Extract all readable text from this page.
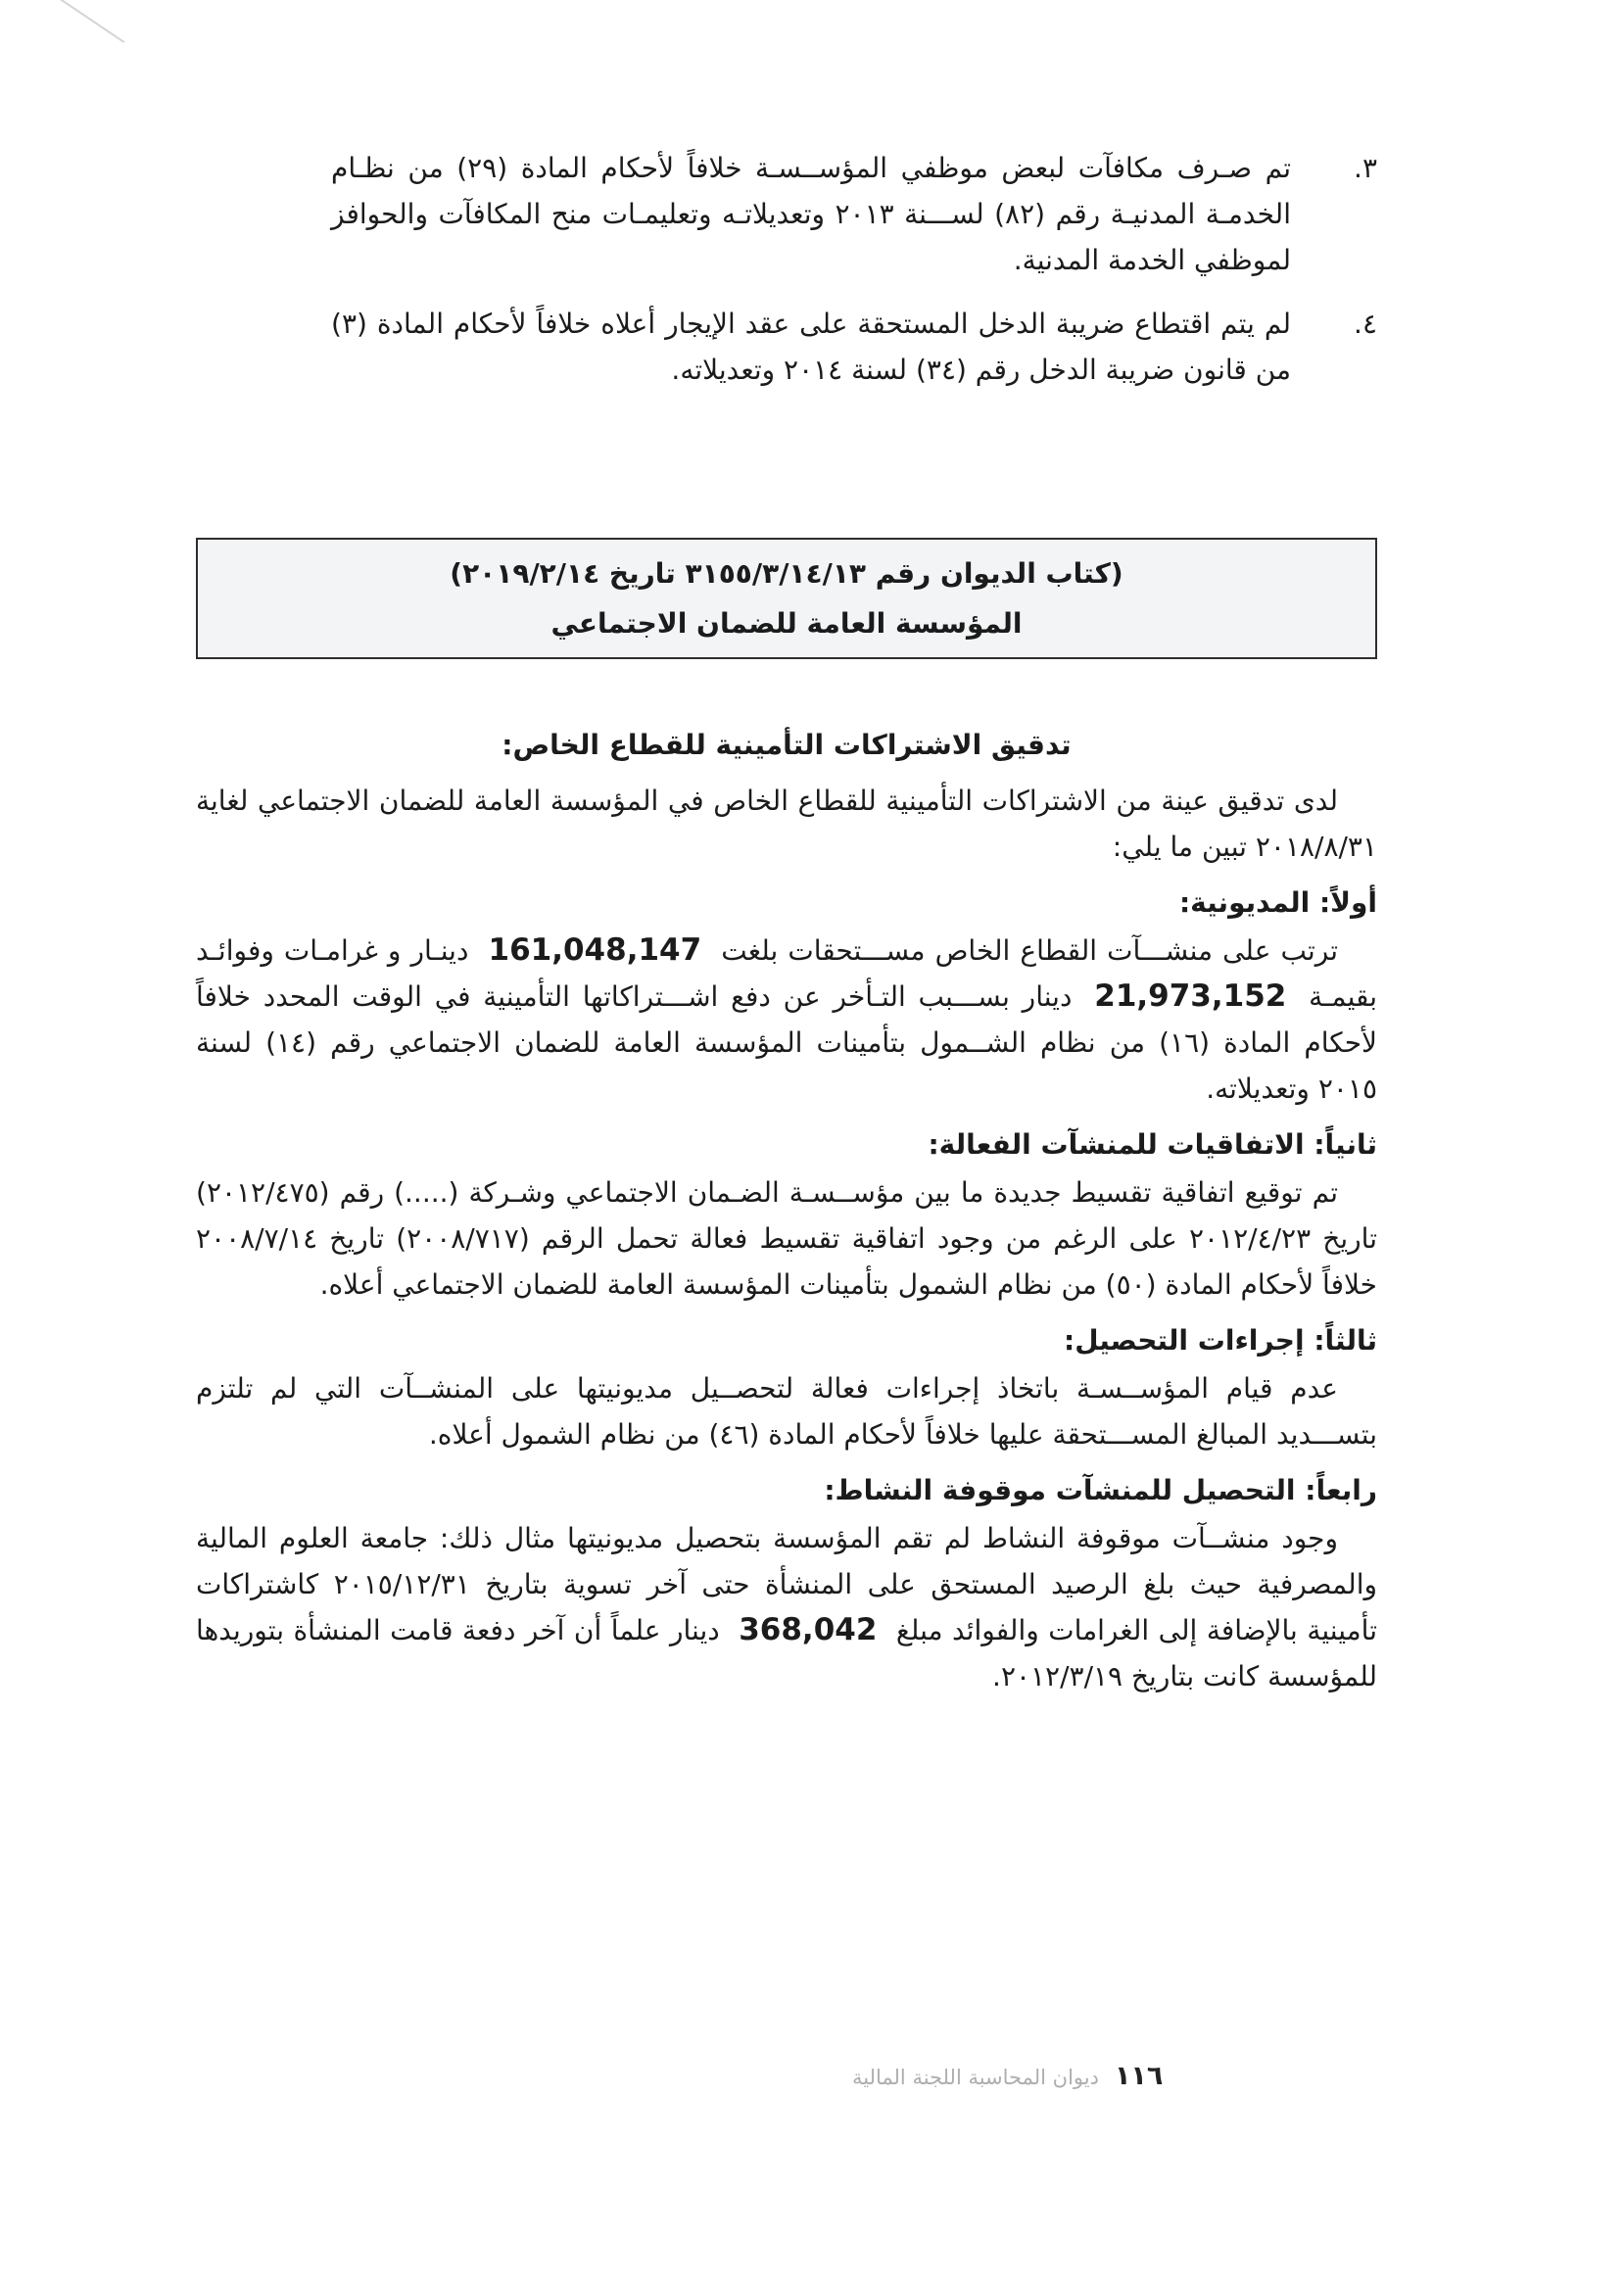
٣.
تم صـرف مكافآت لبعض موظفي المؤســسـة خلافاً لأحكام المادة (٢٩) من نظـام الخدمـة المدنيـة رقم (٨٢) لســـنة ٢٠١٣ وتعديلاتـه وتعليمـات منح المكافآت والحوافز لموظفي الخدمة المدنية.
٤.
لم يتم اقتطاع ضريبة الدخل المستحقة على عقد الإيجار أعلاه خلافاً لأحكام المادة (٣) من قانون ضريبة الدخل رقم (٣٤) لسنة ٢٠١٤ وتعديلاته.
(كتاب الديوان رقم ٣١٥٥/٣/١٤/١٣ تاريخ ٢٠١٩/٢/١٤)
المؤسسة العامة للضمان الاجتماعي
تدقيق الاشتراكات التأمينية للقطاع الخاص:

لدى تدقيق عينة من الاشتراكات التأمينية للقطاع الخاص في المؤسسة العامة للضمان الاجتماعي لغاية ٢٠١٨/٨/٣١ تبين ما يلي:

أولاً: المديونية:

ترتب على منشـــآت القطاع الخاص مســـتحقات بلغت 161,048,147 دينـار و غرامـات وفوائـد بقيمـة 21,973,152 دينار بســـبب التـأخر عن دفع اشـــتراكاتها التأمينية في الوقت المحدد خلافاً لأحكام المادة (١٦) من نظام الشــمول بتأمينات المؤسسة العامة للضمان الاجتماعي رقم (١٤) لسنة ٢٠١٥ وتعديلاته.

ثانياً: الاتفاقيات للمنشآت الفعالة:

تم توقيع اتفاقية تقسيط جديدة ما بين مؤســسـة الضـمان الاجتماعي وشـركة (.....) رقم (٢٠١٢/٤٧٥) تاريخ ٢٠١٢/٤/٢٣ على الرغم من وجود اتفاقية تقسيط فعالة تحمل الرقم (٢٠٠٨/٧١٧) تاريخ ٢٠٠٨/٧/١٤ خلافاً لأحكام المادة (٥٠) من نظام الشمول بتأمينات المؤسسة العامة للضمان الاجتماعي أعلاه.

ثالثاً: إجراءات التحصيل:

عدم قيام المؤســسـة باتخاذ إجراءات فعالة لتحصــيل مديونيتها على المنشــآت التي لم تلتزم بتســـديد المبالغ المســـتحقة عليها خلافاً لأحكام المادة (٤٦) من نظام الشمول أعلاه.

رابعاً: التحصيل للمنشآت موقوفة النشاط:

وجود منشــآت موقوفة النشاط لم تقم المؤسسة بتحصيل مديونيتها مثال ذلك: جامعة العلوم المالية والمصرفية حيث بلغ الرصيد المستحق على المنشأة حتى آخر تسوية بتاريخ ٢٠١٥/١٢/٣١ كاشتراكات تأمينية بالإضافة إلى الغرامات والفوائد مبلغ 368,042 دينار علماً أن آخر دفعة قامت المنشأة بتوريدها للمؤسسة كانت بتاريخ ٢٠١٢/٣/١٩.

١١٦
ديوان المحاسبة اللجنة المالية
